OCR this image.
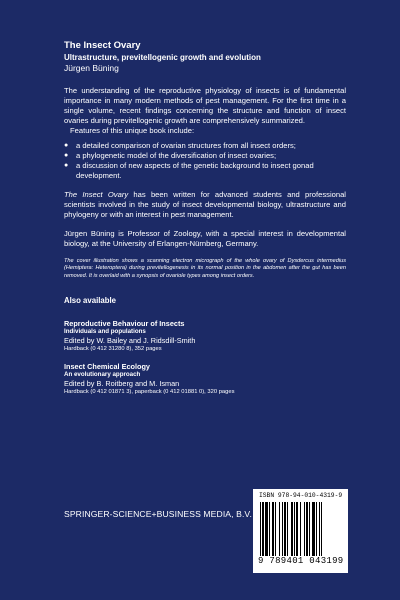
The Insect Ovary

Ultrastructure, previtellogenic growth and evolution

Jürgen Büning

The understanding of the reproductive physiology of insects is of fundamental importance in many modern methods of pest management. For the first time in a single volume, recent findings concerning the structure and function of insect ovaries during previtellogenic growth are comprehensively summarized.

Features of this unique book include:

●	a detailed comparison of ovarian structures from all insect orders;
●	a phylogenetic model of the diversification of insect ovaries;
●	a discussion of new aspects of the genetic background to insect gonad development.

The Insect Ovary has been written for advanced students and professional scientists involved in the study of insect developmental biology, ultrastructure and phylogeny or with an interest in pest management.

Jürgen Büning is Professor of Zoology, with a special interest in developmental biology, at the University of Erlangen-Nürnberg, Germany.

The cover illustration shows a scanning electron micrograph of the whole ovary of Dysdercus intermedius (Hemiptera: Heteroptera) during previtellogenesis in its normal position in the abdomen after the gut has been removed. It is overlaid with a synopsis of ovariole types among insect orders.

Also available

Reproductive Behaviour of Insects

Individuals and populations

Edited by W. Bailey and J. Ridsdill-Smith

Hardback (0 412 31280 8), 352 pages

Insect Chemical Ecology

An evolutionary approach

Edited by B. Roitberg and M. Isman

Hardback (0 412 01871 3), paperback (0 412 01881 0), 320 pages

SPRINGER-SCIENCE+BUSINESS MEDIA, B.V.
ISBN 978-94-010-4319-9
9 789401 043199
